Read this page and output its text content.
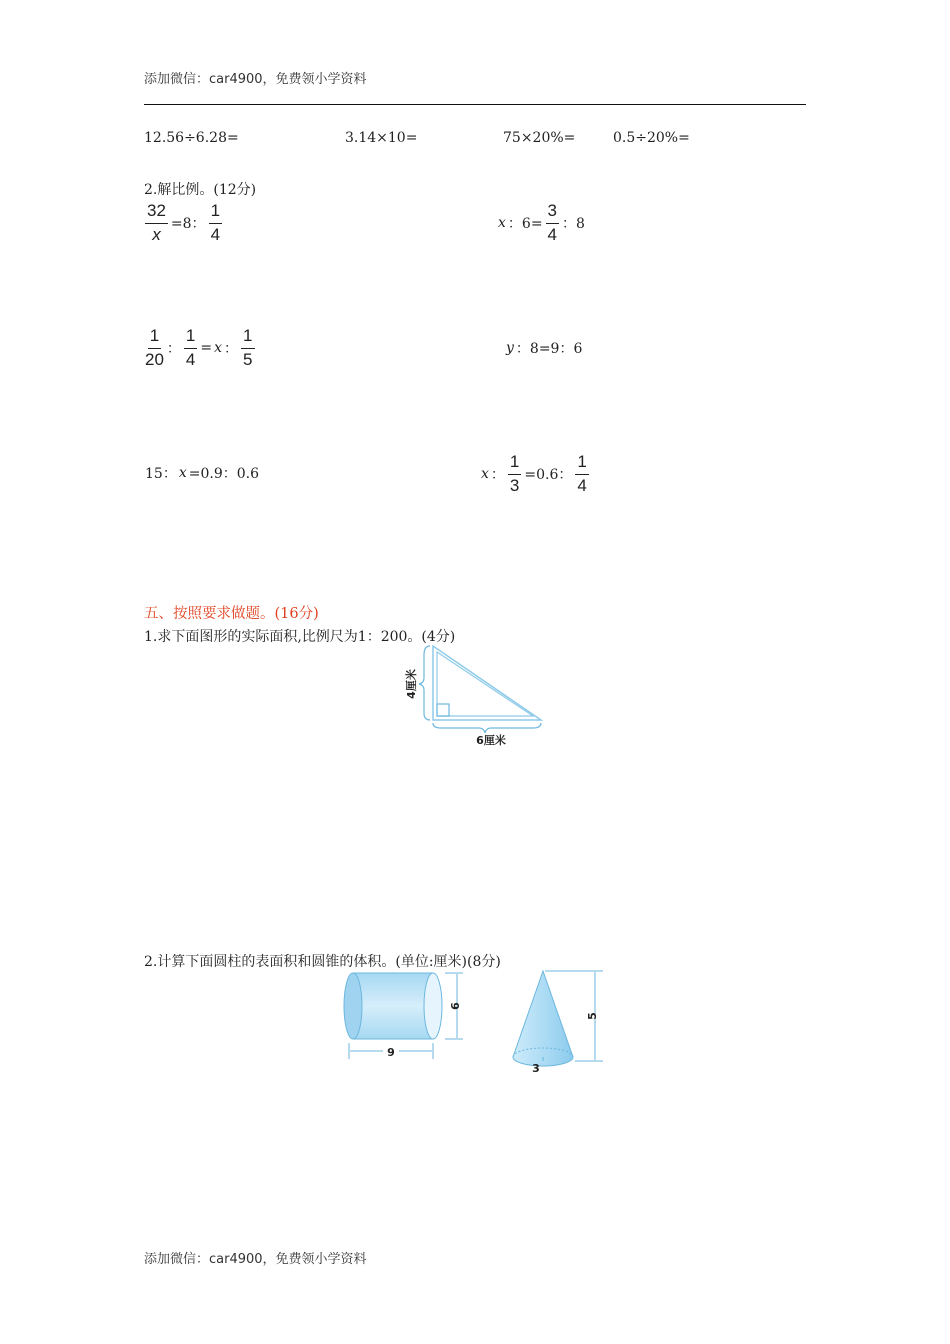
添加微信：car4900，免费领小学资料
12.56÷6.28=	3.14×10=	75×20%=	0.5÷20%=
2.解比例。(12分)
$\frac{32}{x} =8$： $\frac{1}{4}$	x ：$6= \frac{3}{4}$ ：8
$\frac{1}{20}$ ： $\frac{1}{4} = x$ ： $\frac{1}{5}$	y ：8=9：6
15： x =0.9：0.6	x ： $\frac{1}{3} =0.6$： $\frac{1}{4}$
五、按照要求做题。(16分)
1.求下面图形的实际面积,比例尺为1：200。(4分)
4厘米
6厘米
2.计算下面圆柱的表面积和圆锥的体积。(单位:厘米)(8分)
6
9
5
3
添加微信：car4900，免费领小学资料
